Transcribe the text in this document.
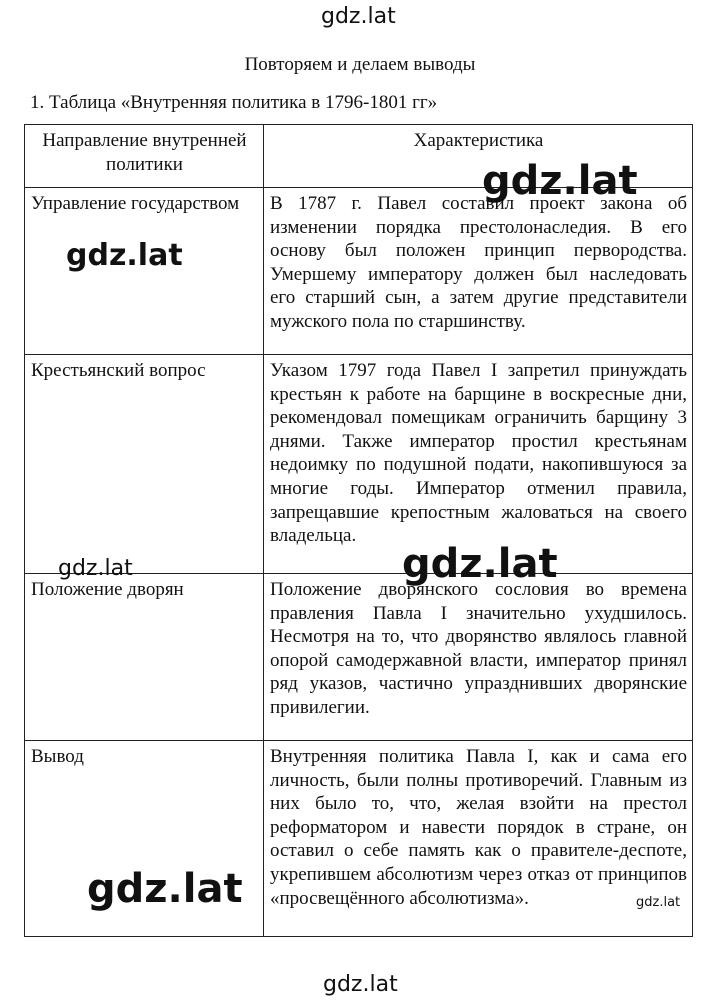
gdz.lat
Повторяем и делаем выводы
1. Таблица «Внутренняя политика в 1796-1801 гг»
Направление внутренней политики	Характеристика
Управление государством	В 1787 г. Павел составил проект закона об изменении порядка престолонаследия. В его основу был положен принцип первородства. Умершему императору должен был наследовать его старший сын, а затем другие представители мужского пола по старшинству.
Крестьянский вопрос	Указом 1797 года Павел I запретил принуждать крестьян к работе на барщине в воскресные дни, рекомендовал помещикам ограничить барщину 3 днями. Также император простил крестьянам недоимку по подушной подати, накопившуюся за многие годы. Император отменил правила, запрещавшие крепостным жаловаться на своего владельца.
Положение дворян	Положение дворянского сословия во времена правления Павла I значительно ухудшилось. Несмотря на то, что дворянство являлось главной опорой самодержавной власти, император принял ряд указов, частично упразднивших дворянские привилегии.
Вывод	Внутренняя политика Павла I, как и сама его личность, были полны противоречий. Главным из них было то, что, желая взойти на престол реформатором и навести порядок в стране, он оставил о себе память как о правителе-деспоте, укрепившем абсолютизм через отказ от принципов «просвещённого абсолютизма».
gdz.lat
gdz.lat
gdz.lat	gdz.lat
gdz.lat	gdz.lat
gdz.lat
